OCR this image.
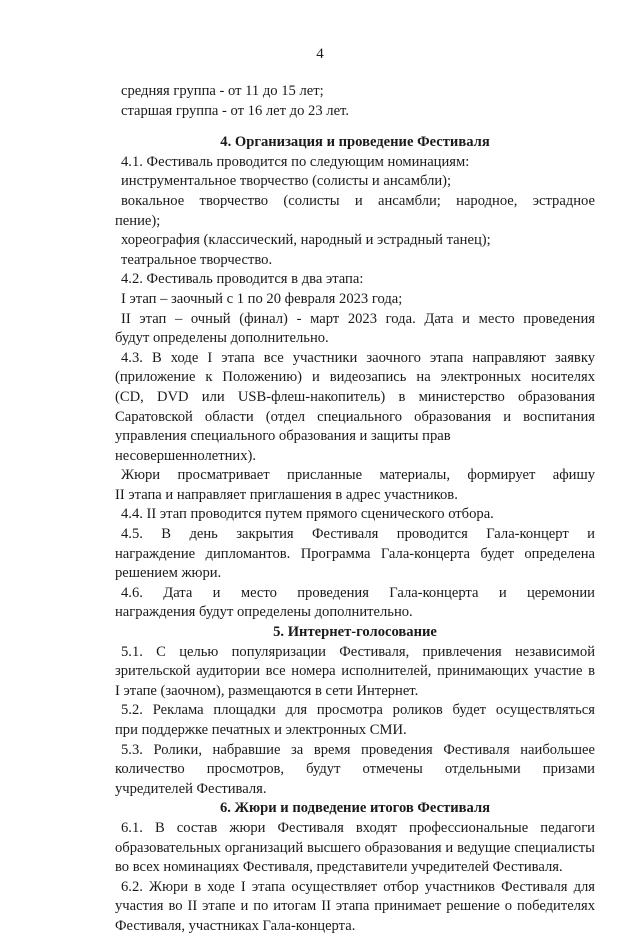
4

средняя группа - от 11 до 15 лет;

старшая группа - от 16 лет до 23 лет.

4. Организация и проведение Фестиваля

4.1. Фестиваль проводится по следующим номинациям:

инструментальное творчество (солисты и ансамбли);

вокальное творчество (солисты и ансамбли; народное, эстрадное

пение);

хореография (классический, народный и эстрадный танец);

театральное творчество.

4.2. Фестиваль проводится в два этапа:

I этап – заочный с 1 по 20 февраля 2023 года;

II этап – очный (финал) - март 2023 года. Дата и место проведения

будут определены дополнительно.

4.3. В ходе I этапа все участники заочного этапа направляют заявку

(приложение к Положению) и видеозапись на электронных носителях

(CD, DVD или USB-флеш-накопитель) в министерство образования

Саратовской области (отдел специального образования и воспитания

управления специального образования и защиты прав несовершеннолетних).

Жюри просматривает присланные материалы, формирует афишу

II этапа и направляет приглашения в адрес участников.

4.4. II этап проводится путем прямого сценического отбора.

4.5. В день закрытия Фестиваля проводится Гала-концерт и

награждение дипломантов. Программа Гала-концерта будет определена

решением жюри.

4.6. Дата и место проведения Гала-концерта и церемонии

награждения будут определены дополнительно.

5. Интернет-голосование

5.1. С целью популяризации Фестиваля, привлечения независимой

зрительской аудитории все номера исполнителей, принимающих участие в

I этапе (заочном), размещаются в сети Интернет.

5.2. Реклама площадки для просмотра роликов будет осуществляться

при поддержке печатных и электронных СМИ.

5.3. Ролики, набравшие за время проведения Фестиваля наибольшее

количество просмотров, будут отмечены отдельными призами

учредителей Фестиваля.

6. Жюри и подведение итогов Фестиваля

6.1. В состав жюри Фестиваля входят профессиональные педагоги

образовательных организаций высшего образования и ведущие специалисты

во всех номинациях Фестиваля, представители учредителей Фестиваля.

6.2. Жюри в ходе I этапа осуществляет отбор участников Фестиваля для

участия во II этапе и по итогам II этапа принимает решение о победителях

Фестиваля, участниках Гала-концерта.
